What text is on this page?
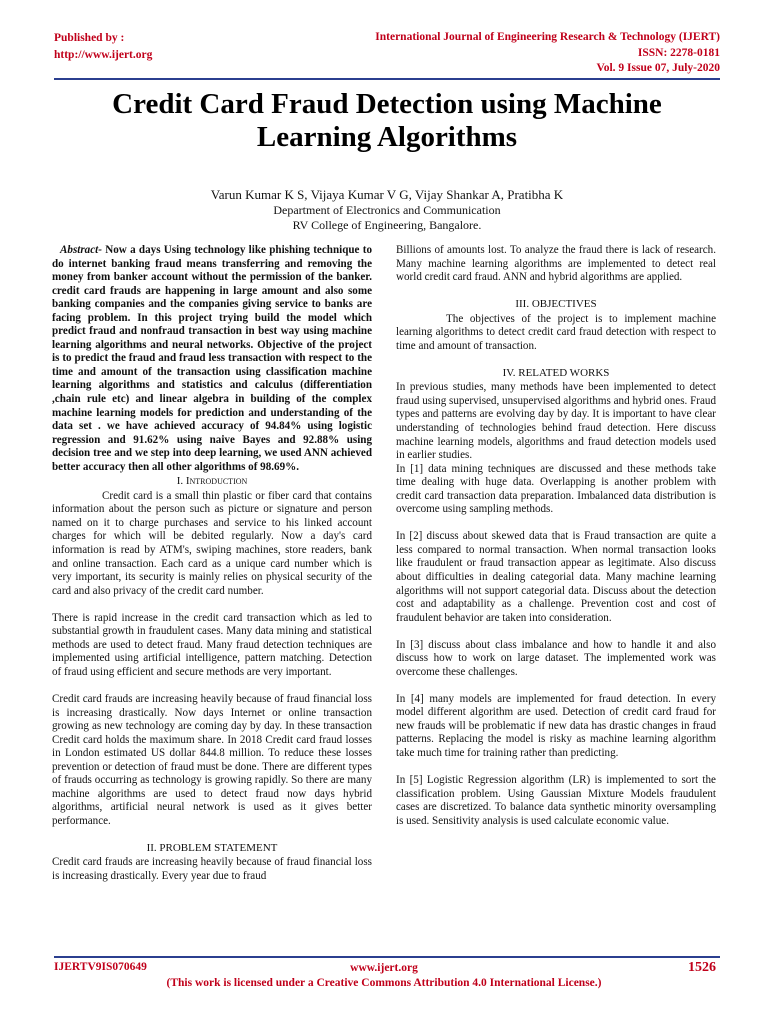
Published by :
http://www.ijert.org
International Journal of Engineering Research & Technology (IJERT)
ISSN: 2278-0181
Vol. 9 Issue 07, July-2020
Credit Card Fraud Detection using Machine
Learning Algorithms
Varun Kumar K S, Vijaya Kumar V G, Vijay Shankar A, Pratibha K
Department of Electronics and Communication
RV College of Engineering, Bangalore.

Abstract- Now a days Using technology like phishing technique to do internet banking fraud means transferring and removing the money from banker account without the permission of the banker. credit card frauds are happening in large amount and also some banking companies and the companies giving service to banks are facing problem. In this project trying build the model which predict fraud and nonfraud transaction in best way using machine learning algorithms and neural networks. Objective of the project is to predict the fraud and fraud less transaction with respect to the time and amount of the transaction using classification machine learning algorithms and statistics and calculus (differentiation ,chain rule etc) and linear algebra in building of the complex machine learning models for prediction and understanding of the data set . we have achieved accuracy of 94.84% using logistic regression and 91.62% using naive Bayes and 92.88% using decision tree and we step into deep learning, we used ANN achieved better accuracy then all other algorithms of 98.69%.

I. Introduction

Credit card is a small thin plastic or fiber card that contains information about the person such as picture or signature and person named on it to charge purchases and service to his linked account charges for which will be debited regularly. Now a day's card information is read by ATM's, swiping machines, store readers, bank and online transaction. Each card as a unique card number which is very important, its security is mainly relies on physical security of the card and also privacy of the credit card number.

There is rapid increase in the credit card transaction which as led to substantial growth in fraudulent cases. Many data mining and statistical methods are used to detect fraud. Many fraud detection techniques are implemented using artificial intelligence, pattern matching. Detection of fraud using efficient and secure methods are very important.

Credit card frauds are increasing heavily because of fraud financial loss is increasing drastically. Now days Internet or online transaction growing as new technology are coming day by day. In these transaction Credit card holds the maximum share. In 2018 Credit card fraud losses in London estimated US dollar 844.8 million. To reduce these losses prevention or detection of fraud must be done. There are different types of frauds occurring as technology is growing rapidly. So there are many machine algorithms are used to detect fraud now days hybrid algorithms, artificial neural network is used as it gives better performance.

II. PROBLEM STATEMENT

Credit card frauds are increasing heavily because of fraud financial loss is increasing drastically. Every year due to fraud

Billions of amounts lost. To analyze the fraud there is lack of research. Many machine learning algorithms are implemented to detect real world credit card fraud. ANN and hybrid algorithms are applied.

III. OBJECTIVES

The objectives of the project is to implement machine learning algorithms to detect credit card fraud detection with respect to time and amount of transaction.

IV. RELATED WORKS

In previous studies, many methods have been implemented to detect fraud using supervised, unsupervised algorithms and hybrid ones. Fraud types and patterns are evolving day by day. It is important to have clear understanding of technologies behind fraud detection. Here discuss machine learning models, algorithms and fraud detection models used in earlier studies.

In [1] data mining techniques are discussed and these methods take time dealing with huge data. Overlapping is another problem with credit card transaction data preparation. Imbalanced data distribution is overcome using sampling methods.

In [2] discuss about skewed data that is Fraud transaction are quite a less compared to normal transaction. When normal transaction looks like fraudulent or fraud transaction appear as legitimate. Also discuss about difficulties in dealing categorial data. Many machine learning algorithms will not support categorial data. Discuss about the detection cost and adaptability as a challenge. Prevention cost and cost of fraudulent behavior are taken into consideration.

In [3] discuss about class imbalance and how to handle it and also discuss how to work on large dataset. The implemented work was overcome these challenges.

In [4] many models are implemented for fraud detection. In every model different algorithm are used. Detection of credit card fraud for new frauds will be problematic if new data has drastic changes in fraud patterns. Replacing the model is risky as machine learning algorithm take much time for training rather than predicting.

In [5] Logistic Regression algorithm (LR) is implemented to sort the classification problem. Using Gaussian Mixture Models fraudulent cases are discretized. To balance data synthetic minority oversampling is used. Sensitivity analysis is used calculate economic value.

IJERTV9IS070649	www.ijert.org
(This work is licensed under a Creative Commons Attribution 4.0 International License.)
1526
